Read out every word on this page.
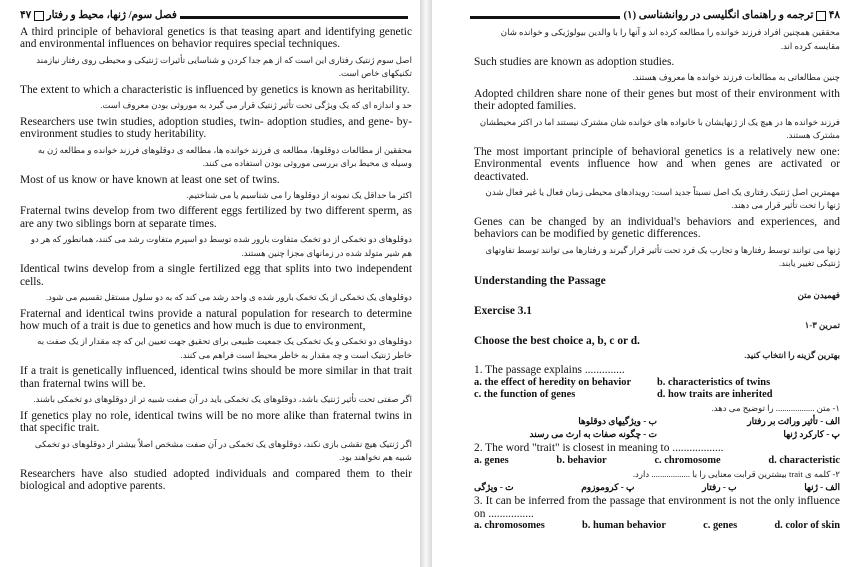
۴۷ فصل سوم/ ژنها، محیط و رفتار

A third principle of behavioral genetics is that teasing apart and identifying genetic and environmental influences on behavior requires special techniques.

اصل سوم ژنتیک رفتاری این است که از هم جدا کردن و شناسایی تأثیرات ژنتیکی و محیطی روی رفتار نیازمند تکنیکهای خاص است.

The extent to which a characteristic is influenced by genetics is known as heritability.

حد و اندازه ای که یک ویژگی تحت تأثیر ژنتیک قرار می گیرد به موروثی بودن معروف است.

Researchers use twin studies, adoption studies, twin- adoption studies, and gene- by- environment studies to study heritability.

محققین از مطالعات دوقلوها، مطالعه ی فرزند خوانده ها، مطالعه ی دوقلوهای فرزند خوانده و مطالعه ژن به وسیله ی محیط برای بررسی موروثی بودن استفاده می کنند.

Most of us know or have known at least one set of twins.

اکثر ما حداقل یک نمونه از دوقلوها را می شناسیم یا می شناختیم.

Fraternal twins develop from two different eggs fertilized by two different sperm, as are any two siblings born at separate times.

دوقلوهای دو تخمکی از دو تخمک متفاوت بارور شده توسط دو اسپرم متفاوت رشد می کنند، همانطور که هر دو هم شیر متولد شده در زمانهای مجزا چنین هستند.

Identical twins develop from a single fertilized egg that splits into two independent cells.

دوقلوهای یک تخمکی از یک تخمک بارور شده ی واحد رشد می کند که به دو سلول مستقل تقسیم می شود.

Fraternal and identical twins provide a natural population for research to determine how much of a trait is due to genetics and how much is due to environment,

دوقلوهای دو تخمکی و یک تخمکی یک جمعیت طبیعی برای تحقیق جهت تعیین این که چه مقدار از یک صفت به خاطر ژنتیک است و چه مقدار به خاطر محیط است فراهم می کنند.

If a trait is genetically influenced, identical twins should be more similar in that trait than fraternal twins will be.

اگر صفتی تحت تأثیر ژنتیک باشد، دوقلوهای یک تخمکی باید در آن صفت شبیه تر از دوقلوهای دو تخمکی باشند.

If genetics play no role, identical twins will be no more alike than fraternal twins in that specific trait.

اگر ژنتیک هیچ نقشی بازی نکند، دوقلوهای یک تخمکی در آن صفت مشخص اصلاً بیشتر از دوقلوهای دو تخمکی شبیه هم نخواهند بود.

Researchers have also studied adopted individuals and compared them to their biological and adoptive parents.

۴۸  ترجمه و راهنمای انگلیسی در روانشناسی (۱)

محققین همچنین افراد فرزند خوانده را مطالعه کرده اند و آنها را با والدین بیولوژیکی و خوانده شان مقایسه کرده اند.

Such studies are known as adoption studies.

چنین مطالعاتی به مطالعات فرزند خوانده ها معروف هستند.

Adopted children share none of their genes but most of their environment with their adopted families.

فرزند خوانده ها در هیچ یک از ژنهایشان با خانواده های خوانده شان مشترک نیستند اما در اکثر محیطشان مشترک هستند.

The most important principle of behavioral genetics is a relatively new one: Environmental events influence how and when genes are activated or deactivated.

مهمترین اصل ژنتیک رفتاری یک اصل نسبتاً جدید است: رویدادهای محیطی زمان فعال یا غیر فعال شدن ژنها را تحت تأثیر قرار می دهند.

Genes can be changed by an individual's behaviors and experiences, and behaviors can be modified by genetic differences.

ژنها می توانند توسط رفتارها و تجارب یک فرد تحت تأثیر قرار گیرند و رفتارها می توانند توسط تفاوتهای ژنتیکی تغییر یابند.

Understanding the Passage

فهمیدن متن

Exercise 3.1

تمرین ۳-۱

Choose the best choice a, b, c or d.

بهترین گزینه را انتخاب کنید.

1. The passage explains ..............

a. the effect of heredity on behavior	b. characteristics of twins
c. the function of genes	d. how traits are inherited

۱- متن .................. را توضیح می دهد.

الف - تأثیر وراثت بر رفتار
ب - ویژگیهای دوقلوها
پ - کارکرد ژنها
ت - چگونه صفات به ارث می رسند

2. The word "trait" is closest in meaning to ..................

a. genes	b. behavior	c. chromosome	d. characteristic

۲- کلمه ی trait بیشترین قرابت معنایی را با .................. دارد.

الف - ژنها
ب - رفتار
پ - کروموزوم
ت - ویژگی

3. It can be inferred from the passage that environment is not the only influence on ................

a. chromosomes	b. human behavior	c. genes	d. color of skin
